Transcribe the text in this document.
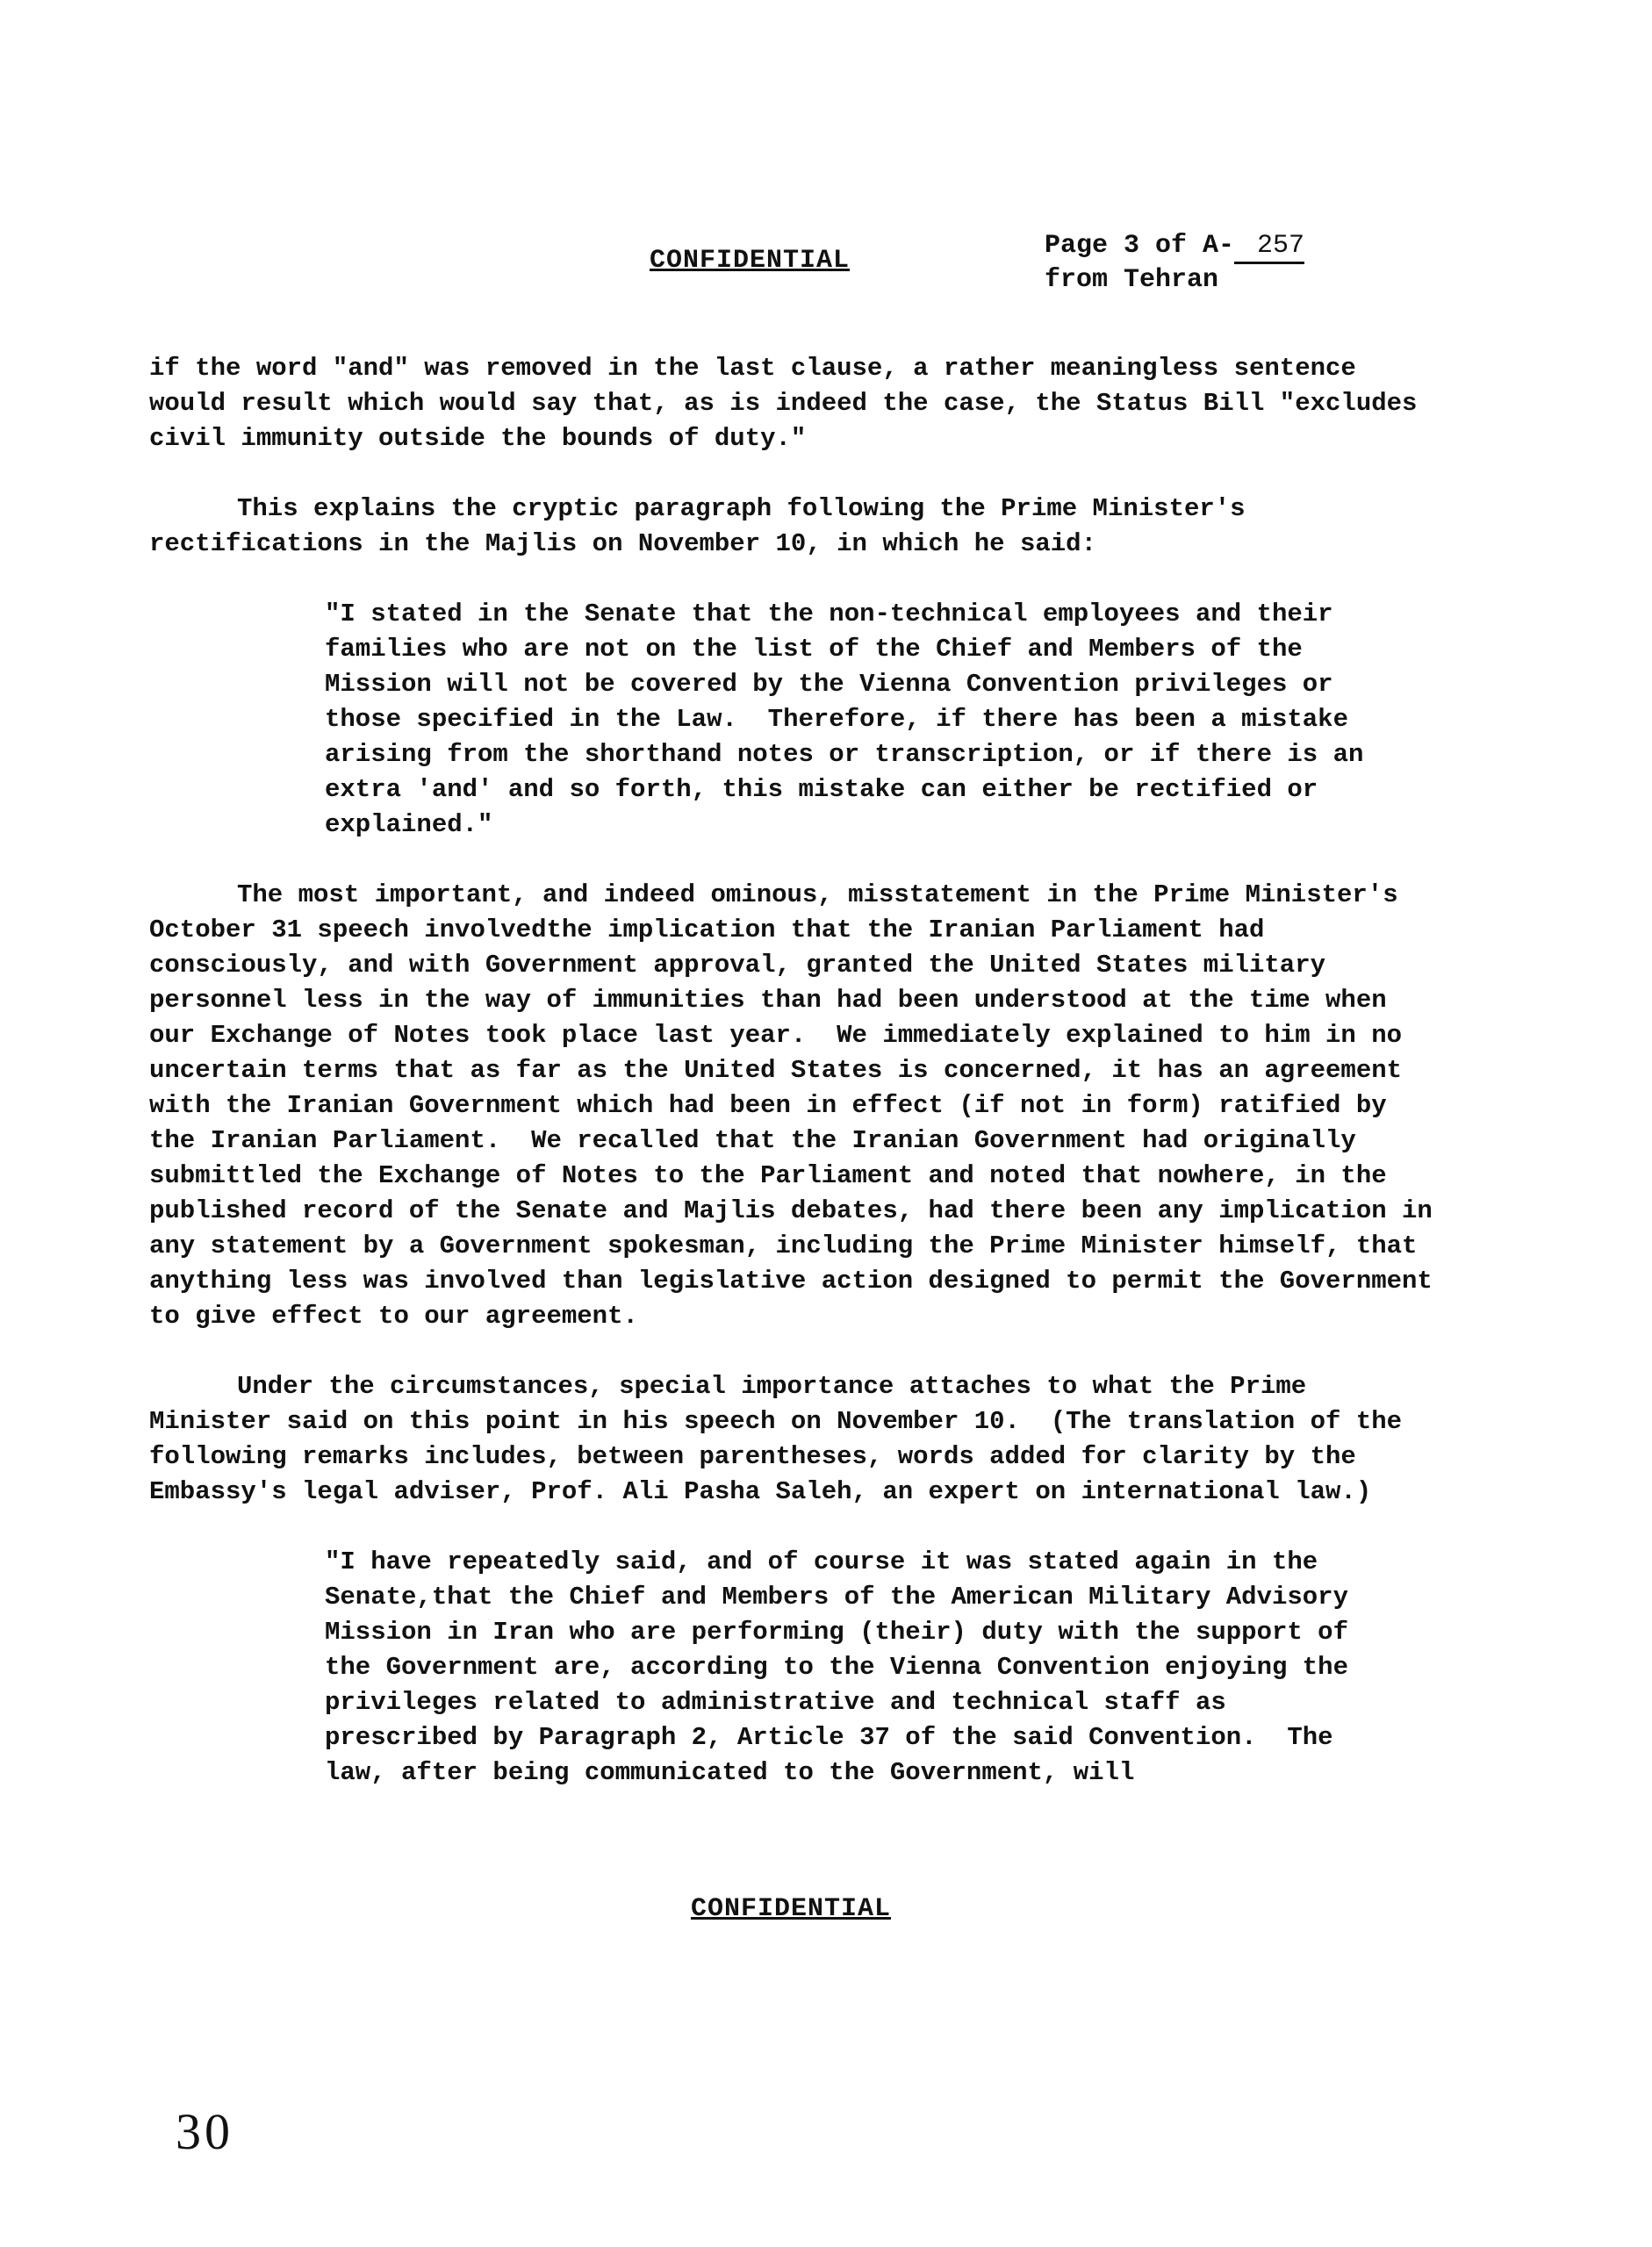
CONFIDENTIAL	Page 3 of A- 257
from Tehran

if the word "and" was removed in the last clause, a rather meaningless sentence would result which would say that, as is indeed the case, the Status Bill "excludes civil immunity outside the bounds of duty."

This explains the cryptic paragraph following the Prime Minister's rectifications in the Majlis on November 10, in which he said:

"I stated in the Senate that the non-technical employees and their families who are not on the list of the Chief and Members of the Mission will not be covered by the Vienna Convention privileges or those specified in the Law.  Therefore, if there has been a mistake arising from the shorthand notes or transcription, or if there is an extra 'and' and so forth, this mistake can either be rectified or explained."

The most important, and indeed ominous, misstatement in the Prime Minister's October 31 speech involvedthe implication that the Iranian Parliament had consciously, and with Government approval, granted the United States military personnel less in the way of immunities than had been understood at the time when our Exchange of Notes took place last year.  We immediately explained to him in no uncertain terms that as far as the United States is concerned, it has an agreement with the Iranian Government which had been in effect (if not in form) ratified by the Iranian Parliament.  We recalled that the Iranian Government had originally submittled the Exchange of Notes to the Parliament and noted that nowhere, in the published record of the Senate and Majlis debates, had there been any implication in any statement by a Government spokesman, including the Prime Minister himself, that anything less was involved than legislative action designed to permit the Government to give effect to our agreement.

Under the circumstances, special importance attaches to what the Prime Minister said on this point in his speech on November 10.  (The translation of the following remarks includes, between parentheses, words added for clarity by the Embassy's legal adviser, Prof. Ali Pasha Saleh, an expert on international law.)

"I have repeatedly said, and of course it was stated again in the Senate,that the Chief and Members of the American Military Advisory Mission in Iran who are performing (their) duty with the support of the Government are, according to the Vienna Convention enjoying the privileges related to administrative and technical staff as prescribed by Paragraph 2, Article 37 of the said Convention.  The law, after being communicated to the Government, will

CONFIDENTIAL
30
